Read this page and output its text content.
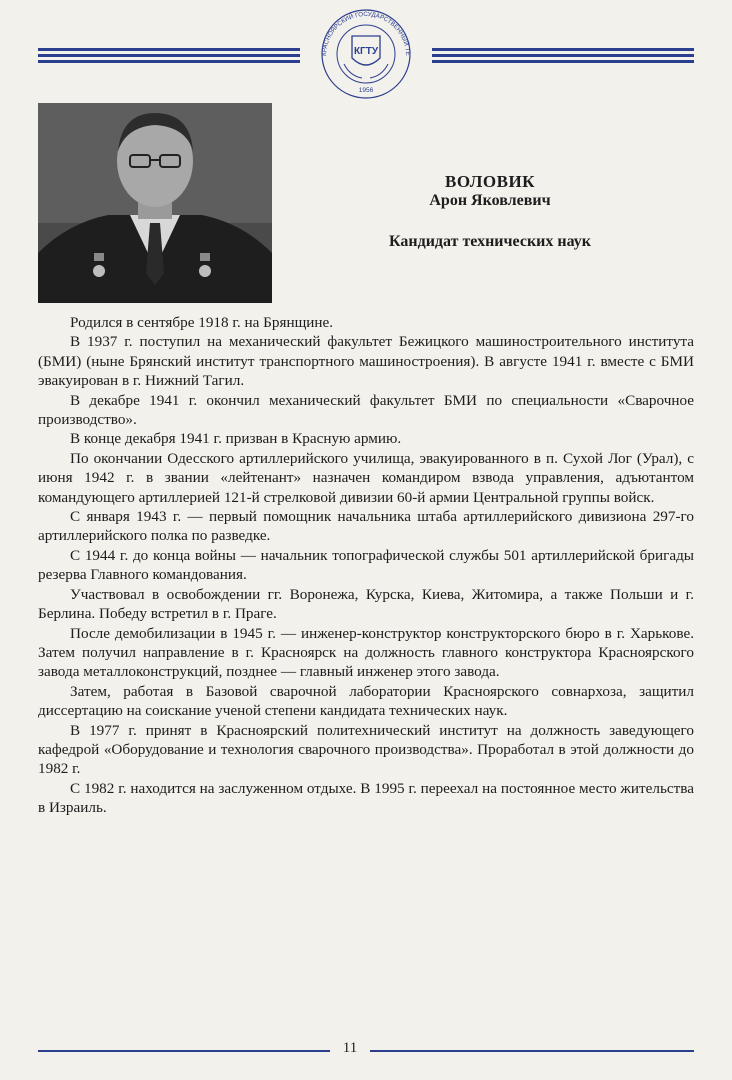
КРАСНОЯРСКИЙ ГОСУДАРСТВЕННЫЙ ТЕ
КГТУ
1956
ВОЛОВИК
Арон Яковлевич
Кандидат технических наук

Родился в сентябре 1918 г. на Брянщине.

В 1937 г. поступил на механический факультет Бежицкого машиностроительного института (БМИ) (ныне Брянский институт транспортного машиностроения). В августе 1941 г. вместе с БМИ эвакуирован в г. Нижний Тагил.

В декабре 1941 г. окончил механический факультет БМИ по специальности «Сварочное производство».

В конце декабря 1941 г. призван в Красную армию.

По окончании Одесского артиллерийского училища, эвакуированного в п. Сухой Лог (Урал), с июня 1942 г. в звании «лейтенант» назначен командиром взвода управления, адъютантом командующего артиллерией 121-й стрелковой дивизии 60-й армии Центральной группы войск.

С января 1943 г. — первый помощник начальника штаба артиллерийского дивизиона 297-го артиллерийского полка по разведке.

С 1944 г. до конца войны — начальник топографической службы 501 артиллерийской бригады резерва Главного командования.

Участвовал в освобождении гг. Воронежа, Курска, Киева, Житомира, а также Польши и г. Берлина. Победу встретил в г. Праге.

После демобилизации в 1945 г. — инженер-конструктор конструкторского бюро в г. Харькове. Затем получил направление в г. Красноярск на должность главного конструктора Красноярского завода металлоконструкций, позднее — главный инженер этого завода.

Затем, работая в Базовой сварочной лаборатории Красноярского совнархоза, защитил диссертацию на соискание ученой степени кандидата технических наук.

В 1977 г. принят в Красноярский политехнический институт на должность заведующего кафедрой «Оборудование и технология сварочного производства». Проработал в этой должности до 1982 г.

С 1982 г. находится на заслуженном отдыхе. В 1995 г. переехал на постоянное место жительства в Израиль.

11
